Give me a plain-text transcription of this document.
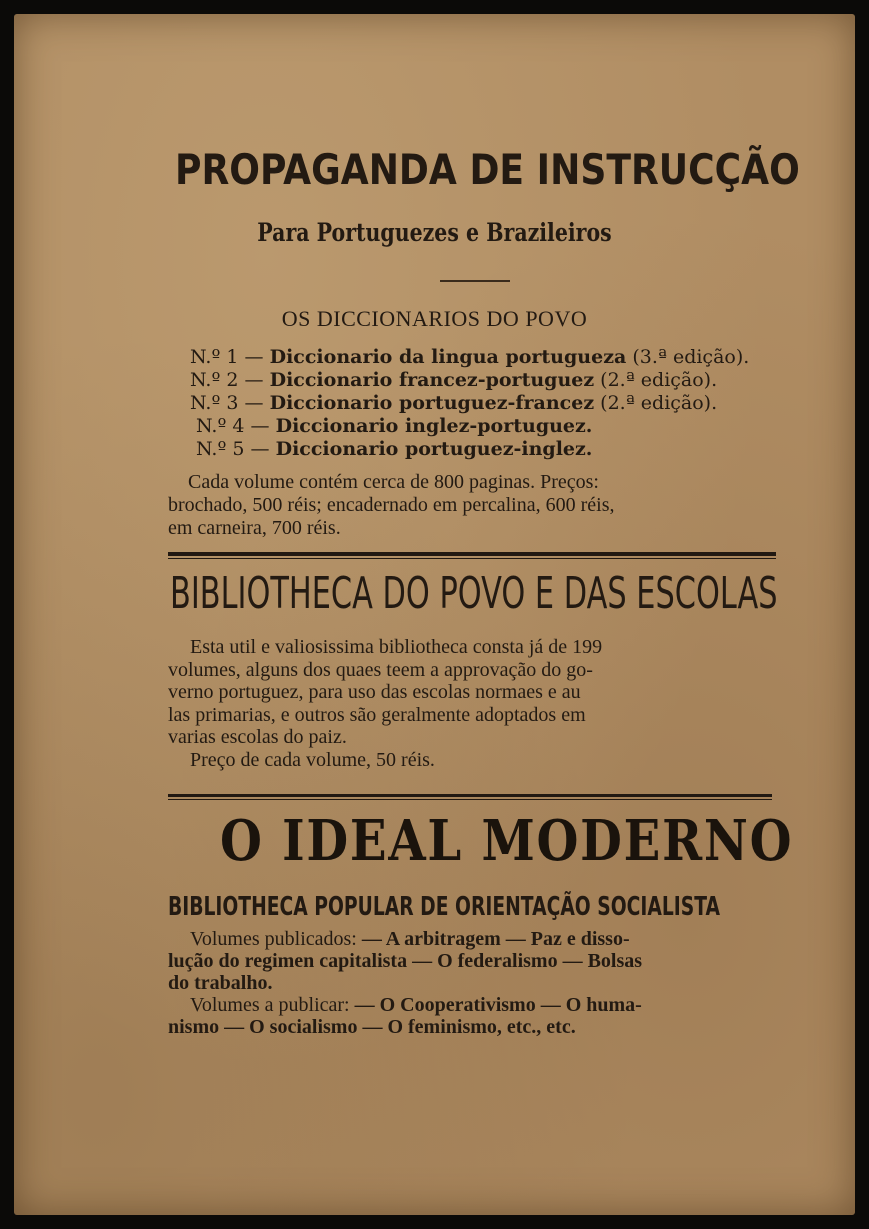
PROPAGANDA DE INSTRUCÇÃO
Para Portuguezes e Brazileiros
OS DICCIONARIOS DO POVO
N.º 1 — Diccionario da lingua portugueza (3.ª edição).
N.º 2 — Diccionario francez-portuguez (2.ª edição).
N.º 3 — Diccionario portuguez-francez (2.ª edição).
N.º 4 — Diccionario inglez-portuguez.
N.º 5 — Diccionario portuguez-inglez.

Cada volume contém cerca de 800 paginas. Preços:

brochado, 500 réis; encadernado em percalina, 600 réis,

em carneira, 700 réis.

BIBLIOTHECA DO POVO E DAS ESCOLAS

Esta util e valiosissima bibliotheca consta já de 199
volumes, alguns dos quaes teem a approvação do go-
verno portuguez, para uso das escolas normaes e au
las primarias, e outros são geralmente adoptados em
varias escolas do paiz.
Preço de cada volume, 50 réis.

O IDEAL MODERNO
BIBLIOTHECA POPULAR DE ORIENTAÇÃO SOCIALISTA

Volumes publicados: — A arbitragem — Paz e disso-
lução do regimen capitalista — O federalismo — Bolsas
do trabalho.
Volumes a publicar: — O Cooperativismo — O huma-
nismo — O socialismo — O feminismo, etc., etc.
